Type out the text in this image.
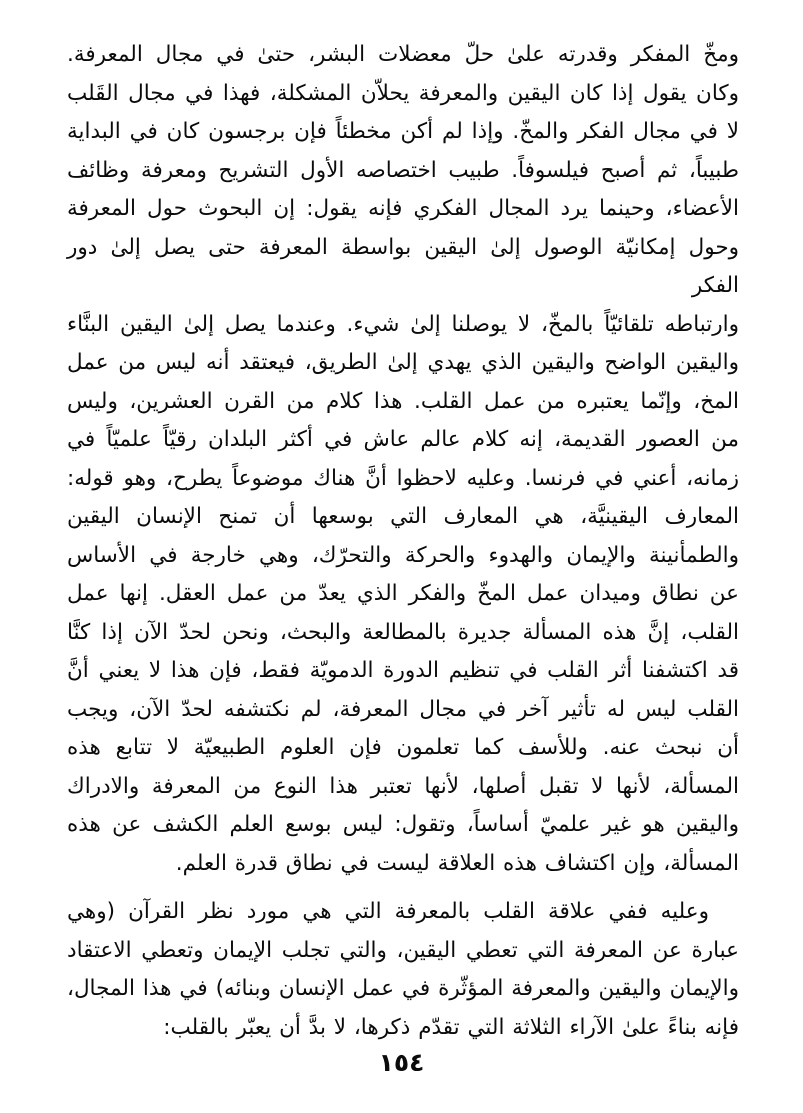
ومخّ المفكر وقدرته علىٰ حلّ معضلات البشر، حتىٰ في مجال المعرفة.
وكان يقول إذا كان اليقين والمعرفة يحلاّن المشكلة، فهذا في مجال القَلب
لا في مجال الفكر والمخّ. وإذا لم أكن مخطئاً فإن برجسون كان في البداية
طبيباً، ثم أصبح فيلسوفاً. طبيب اختصاصه الأول التشريح ومعرفة وظائف
الأعضاء، وحينما يرد المجال الفكري فإنه يقول: إن البحوث حول المعرفة
وحول إمكانيّة الوصول إلىٰ اليقين بواسطة المعرفة حتى يصل إلىٰ دور الفكر
وارتباطه تلقائيّاً بالمخّ، لا يوصلنا إلىٰ شيء. وعندما يصل إلىٰ اليقين البنَّاء
واليقين الواضح واليقين الذي يهدي إلىٰ الطريق، فيعتقد أنه ليس من عمل
المخ، وإنّما يعتبره من عمل القلب. هذا كلام من القرن العشرين، وليس
من العصور القديمة، إنه كلام عالم عاش في أكثر البلدان رقيّاً علميّاً في
زمانه، أعني في فرنسا. وعليه لاحظوا أنَّ هناك موضوعاً يطرح، وهو قوله:
المعارف اليقينيَّة، هي المعارف التي بوسعها أن تمنح الإنسان اليقين
والطمأنينة والإيمان والهدوء والحركة والتحرّك، وهي خارجة في الأساس
عن نطاق وميدان عمل المخّ والفكر الذي يعدّ من عمل العقل. إنها عمل
القلب، إنَّ هذه المسألة جديرة بالمطالعة والبحث، ونحن لحدّ الآن إذا كنَّا
قد اكتشفنا أثر القلب في تنظيم الدورة الدمويّة فقط، فإن هذا لا يعني أنَّ
القلب ليس له تأثير آخر في مجال المعرفة، لم نكتشفه لحدّ الآن، ويجب
أن نبحث عنه. وللأسف كما تعلمون فإن العلوم الطبيعيّة لا تتابع هذه
المسألة، لأنها لا تقبل أصلها، لأنها تعتبر هذا النوع من المعرفة والادراك
واليقين هو غير علميّ أساساً، وتقول: ليس بوسع العلم الكشف عن هذه
المسألة، وإن اكتشاف هذه العلاقة ليست في نطاق قدرة العلم.
وعليه ففي علاقة القلب بالمعرفة التي هي مورد نظر القرآن (وهي
عبارة عن المعرفة التي تعطي اليقين، والتي تجلب الإيمان وتعطي الاعتقاد
والإيمان واليقين والمعرفة المؤثّرة في عمل الإنسان وبنائه) في هذا المجال،
فإنه بناءً علىٰ الآراء الثلاثة التي تقدّم ذكرها، لا بدَّ أن يعبّر بالقلب:
١٥٤
